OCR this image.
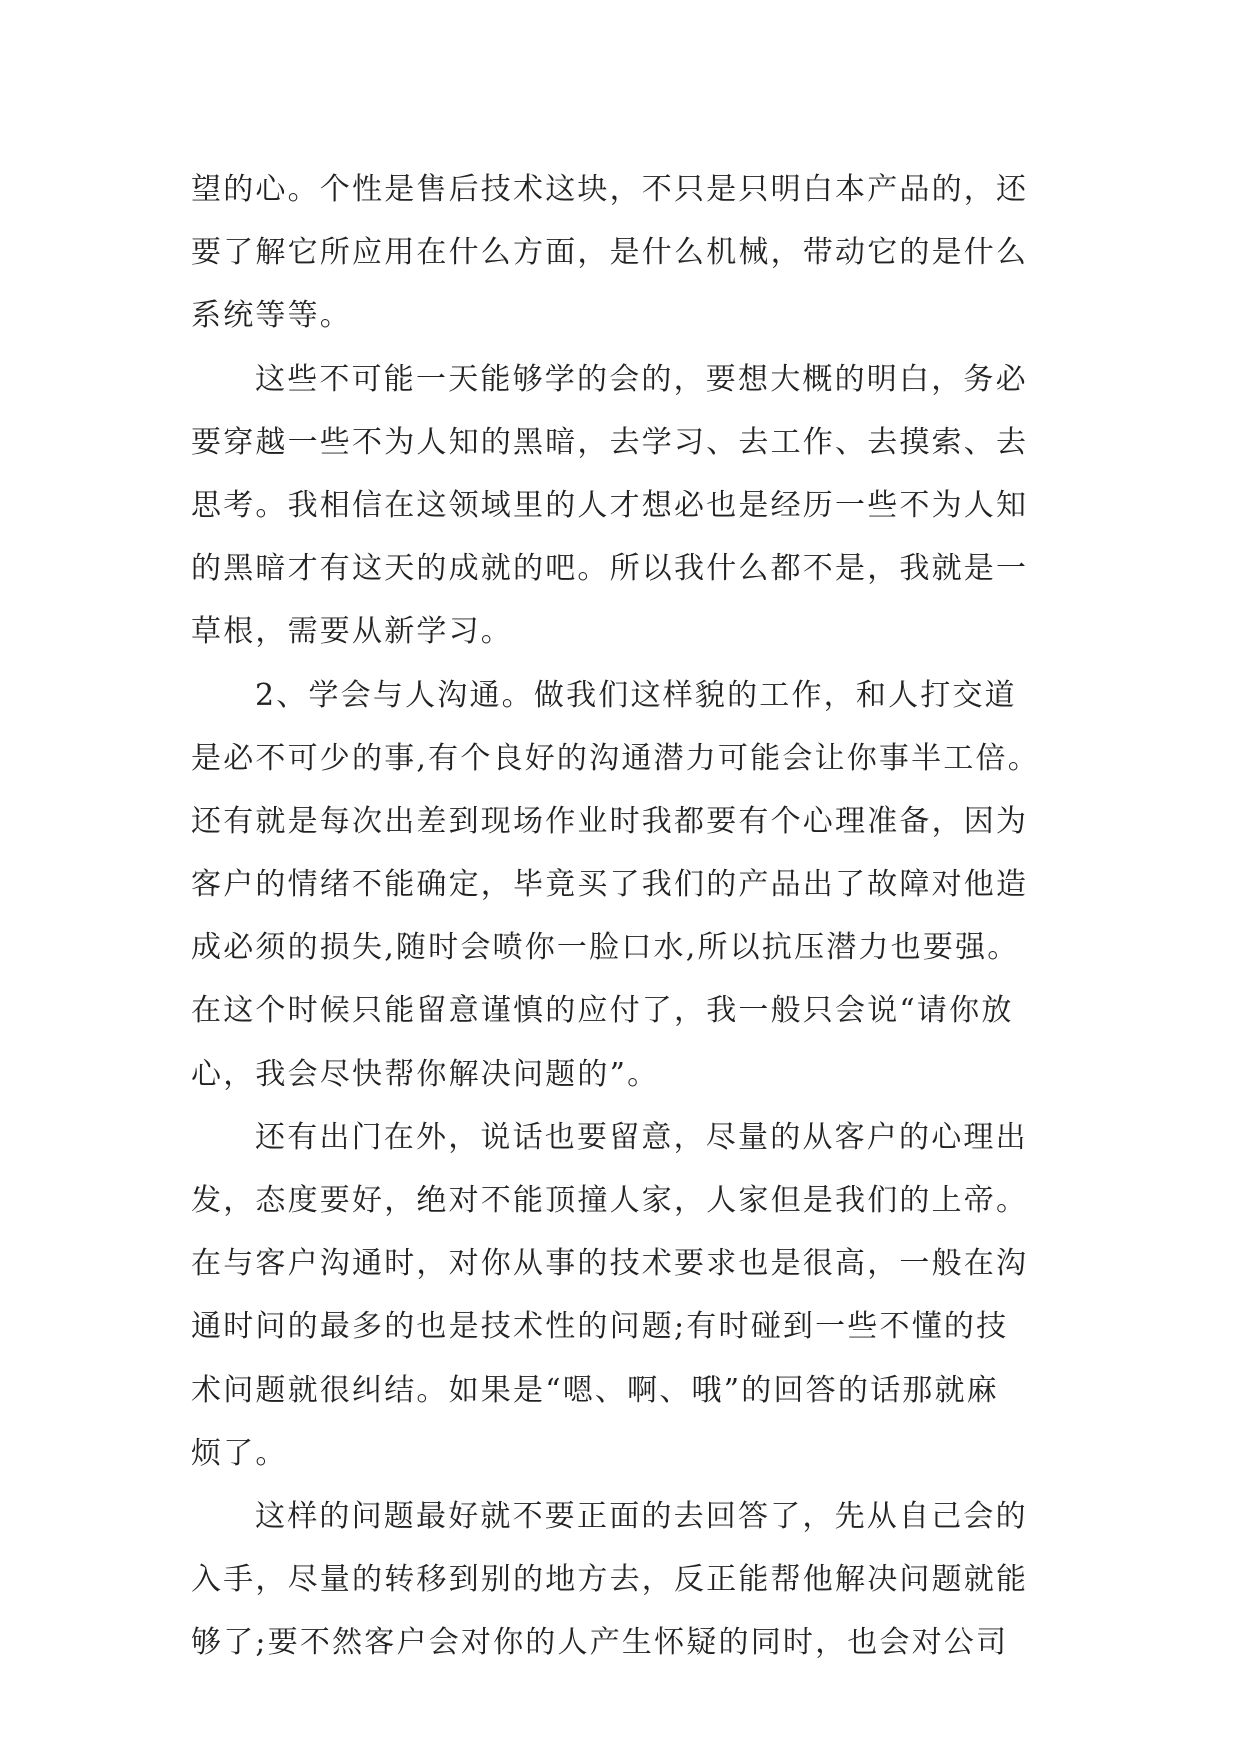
望的心。个性是售后技术这块，不只是只明白本产品的，还
要了解它所应用在什么方面，是什么机械，带动它的是什么
系统等等。
这些不可能一天能够学的会的，要想大概的明白，务必
要穿越一些不为人知的黑暗，去学习、去工作、去摸索、去
思考。我相信在这领域里的人才想必也是经历一些不为人知
的黑暗才有这天的成就的吧。所以我什么都不是，我就是一
草根，需要从新学习。
2、学会与人沟通。做我们这样貌的工作，和人打交道
是必不可少的事,有个良好的沟通潜力可能会让你事半工倍。
还有就是每次出差到现场作业时我都要有个心理准备，因为
客户的情绪不能确定，毕竟买了我们的产品出了故障对他造
成必须的损失,随时会喷你一脸口水,所以抗压潜力也要强。
在这个时候只能留意谨慎的应付了，我一般只会说“请你放
心，我会尽快帮你解决问题的”。
还有出门在外，说话也要留意，尽量的从客户的心理出
发，态度要好，绝对不能顶撞人家，人家但是我们的上帝。
在与客户沟通时，对你从事的技术要求也是很高，一般在沟
通时问的最多的也是技术性的问题;有时碰到一些不懂的技
术问题就很纠结。如果是“嗯、啊、哦”的回答的话那就麻
烦了。
这样的问题最好就不要正面的去回答了，先从自己会的
入手，尽量的转移到别的地方去，反正能帮他解决问题就能
够了;要不然客户会对你的人产生怀疑的同时，也会对公司
